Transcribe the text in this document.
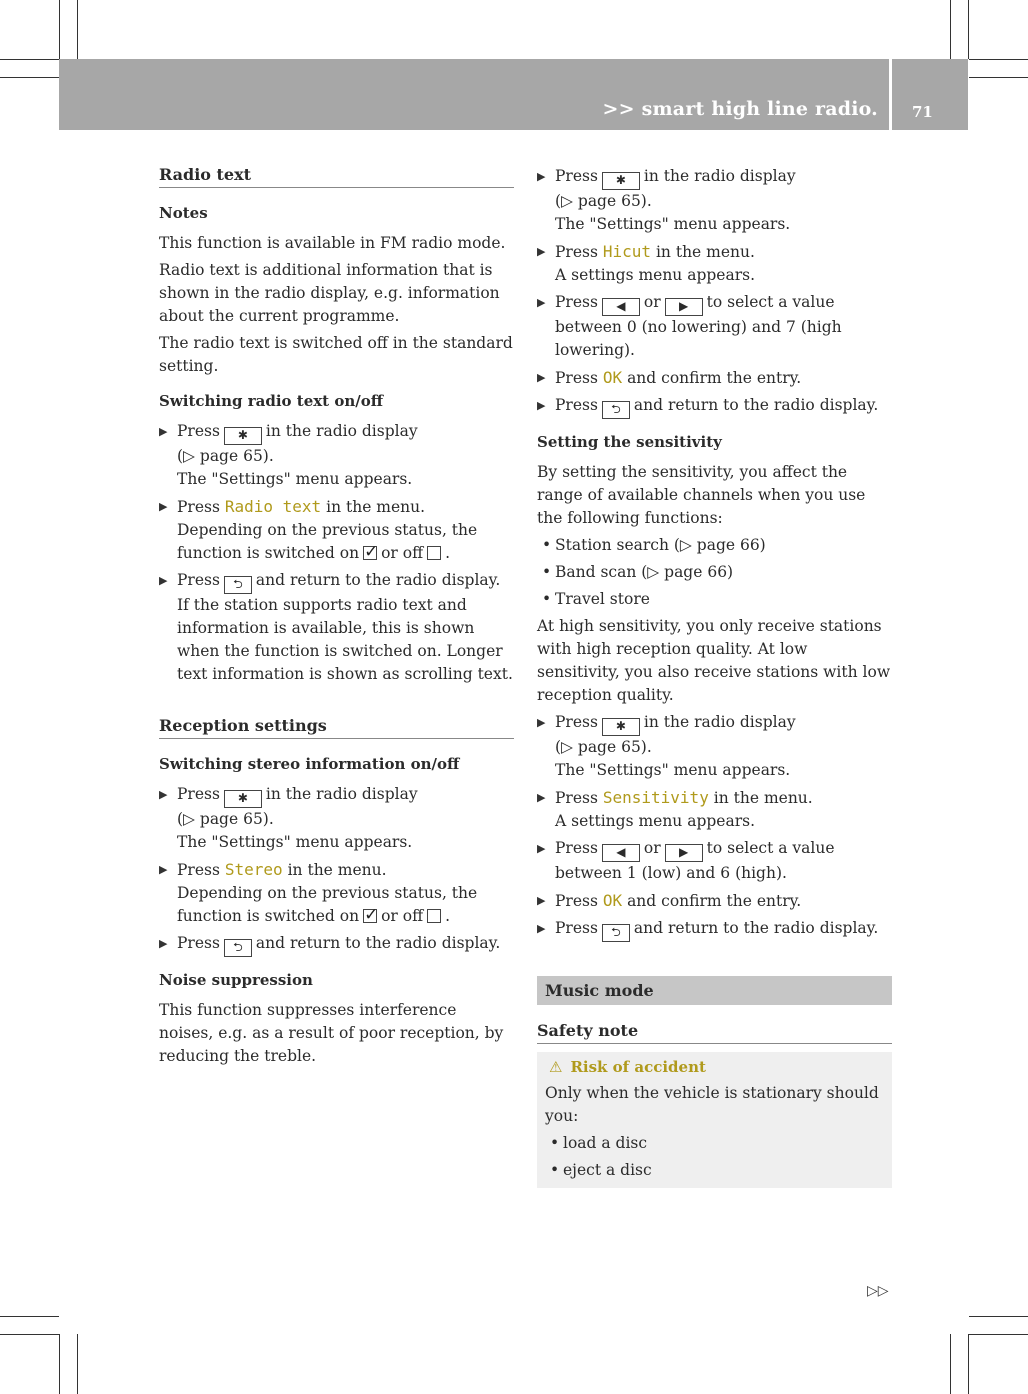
>> smart high line radio. 71
Radio text
Notes

This function is available in FM radio mode.

Radio text is additional information that is shown in the radio display, e.g. information about the current programme.

The radio text is switched off in the standard setting.

Switching radio text on/off
▶ Press ✱ in the radio display
(▷ page 65).
The "Settings" menu appears.
▶ Press Radio text in the menu.
Depending on the previous status, the function is switched on ✓ or off .
▶ Press ⮌ and return to the radio display.
If the station supports radio text and information is available, this is shown when the function is switched on. Longer text information is shown as scrolling text.
Reception settings
Switching stereo information on/off
▶ Press ✱ in the radio display
(▷ page 65).
The "Settings" menu appears.
▶ Press Stereo in the menu.
Depending on the previous status, the function is switched on ✓ or off .
▶ Press ⮌ and return to the radio display.
Noise suppression

This function suppresses interference noises, e.g. as a result of poor reception, by reducing the treble.

▶ Press ✱ in the radio display
(▷ page 65).
The "Settings" menu appears.
▶ Press Hicut in the menu.
A settings menu appears.
▶ Press ◀ or ▶ to select a value between 0 (no lowering) and 7 (high lowering).
▶ Press OK and confirm the entry.
▶ Press ⮌ and return to the radio display.
Setting the sensitivity

By setting the sensitivity, you affect the range of available channels when you use the following functions:

• Station search (▷ page 66)
• Band scan (▷ page 66)
• Travel store

At high sensitivity, you only receive stations with high reception quality. At low sensitivity, you also receive stations with low reception quality.

▶ Press ✱ in the radio display
(▷ page 65).
The "Settings" menu appears.
▶ Press Sensitivity in the menu.
A settings menu appears.
▶ Press ◀ or ▶ to select a value between 1 (low) and 6 (high).
▶ Press OK and confirm the entry.
▶ Press ⮌ and return to the radio display.
Music mode
Safety note
⚠ Risk of accident

Only when the vehicle is stationary should you:

• load a disc
• eject a disc
▷▷
